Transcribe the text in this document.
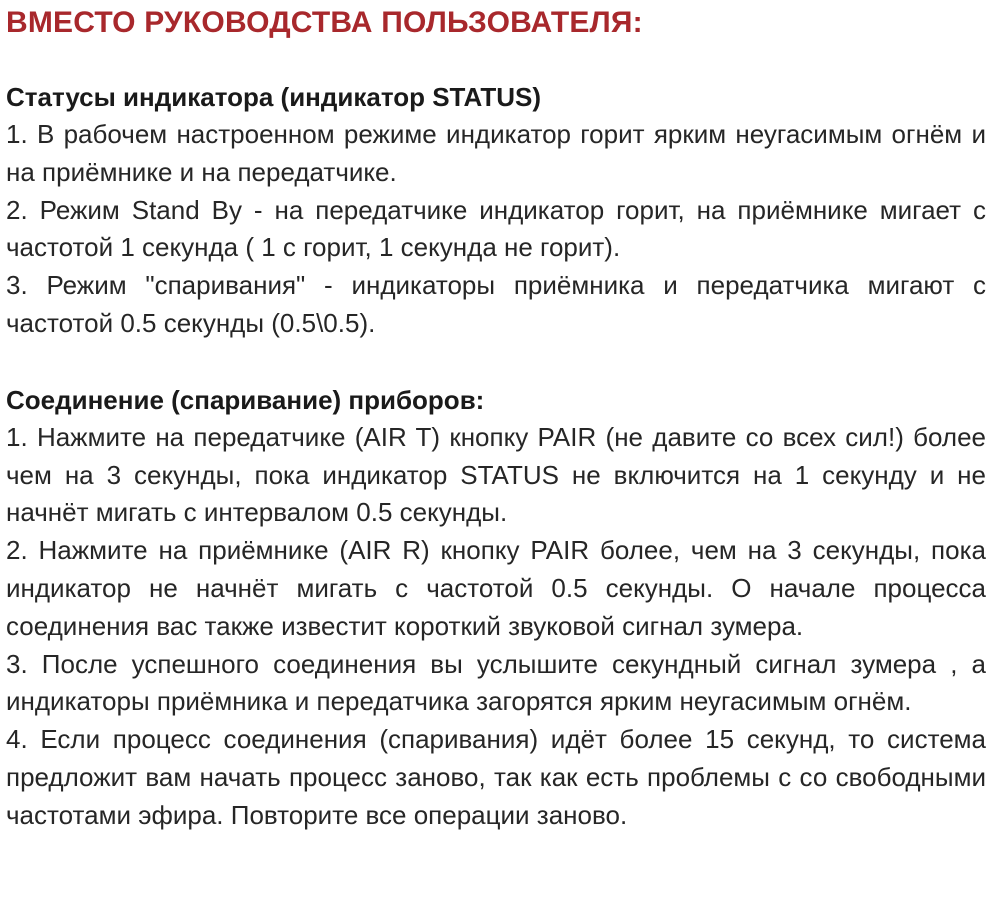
ВМЕСТО РУКОВОДСТВА ПОЛЬЗОВАТЕЛЯ:
Статусы индикатора (индикатор STATUS)

1. В рабочем настроенном режиме индикатор горит ярким неугасимым огнём и на приёмнике и на передатчике.

2. Режим Stand By - на передатчике индикатор горит, на приёмнике мигает с частотой 1 секунда ( 1 с горит, 1 секунда не горит).

3. Режим "спаривания" - индикаторы приёмника и передатчика мигают с частотой 0.5 секунды (0.5\0.5).

Соединение (спаривание) приборов:

1. Нажмите на передатчике (AIR T) кнопку PAIR (не давите со всех сил!) более чем на 3 секунды, пока индикатор STATUS не включится на 1 секунду и не начнёт мигать с интервалом 0.5 секунды.

2. Нажмите на приёмнике (AIR R) кнопку PAIR более, чем на 3 секунды, пока индикатор не начнёт мигать с частотой 0.5 секунды. О начале процесса соединения вас также известит короткий звуковой сигнал зумера.

3. После успешного соединения вы услышите секундный сигнал зумера , а индикаторы приёмника и передатчика загорятся ярким неугасимым огнём.

4. Если процесс соединения (спаривания) идёт более 15 секунд, то система предложит вам начать процесс заново, так как есть проблемы с со свободными частотами эфира. Повторите все операции заново.
